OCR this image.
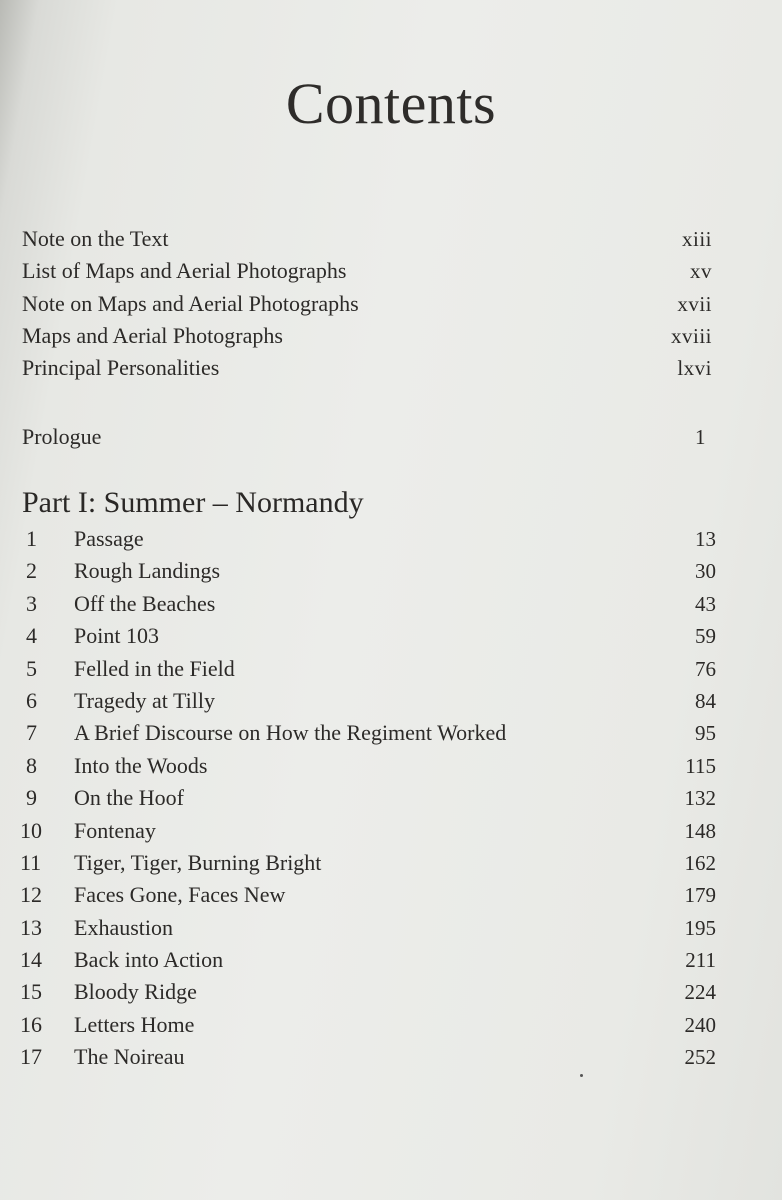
Contents
Note on the Text	xiii
List of Maps and Aerial Photographs	xv
Note on Maps and Aerial Photographs	xvii
Maps and Aerial Photographs	xviii
Principal Personalities	lxvi
Prologue	1
Part I: Summer – Normandy
1	Passage	13
2	Rough Landings	30
3	Off the Beaches	43
4	Point 103	59
5	Felled in the Field	76
6	Tragedy at Tilly	84
7	A Brief Discourse on How the Regiment Worked	95
8	Into the Woods	115
9	On the Hoof	132
10	Fontenay	148
11	Tiger, Tiger, Burning Bright	162
12	Faces Gone, Faces New	179
13	Exhaustion	195
14	Back into Action	211
15	Bloody Ridge	224
16	Letters Home	240
17	The Noireau	252
